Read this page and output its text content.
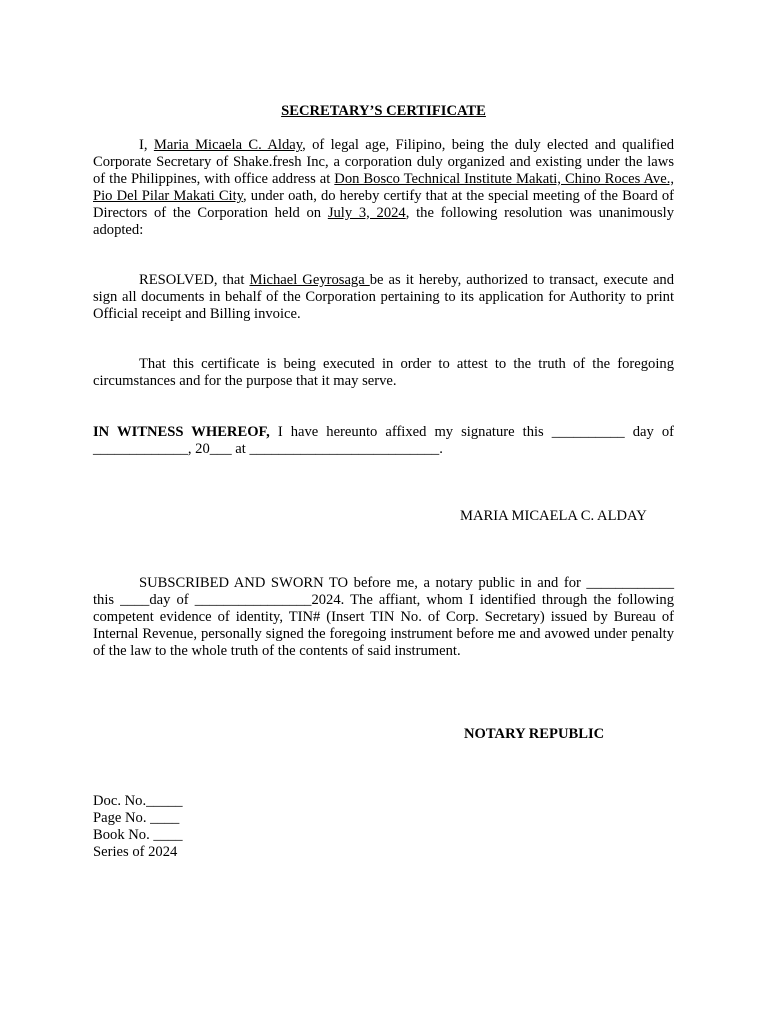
SECRETARY’S CERTIFICATE

I, Maria Micaela C. Alday, of legal age, Filipino, being the duly elected and qualified Corporate Secretary of Shake.fresh Inc, a corporation duly organized and existing under the laws of the Philippines, with office address at Don Bosco Technical Institute Makati, Chino Roces Ave., Pio Del Pilar Makati City, under oath, do hereby certify that at the special meeting of the Board of Directors of the Corporation held on July 3, 2024, the following resolution was unanimously adopted:

RESOLVED, that Michael Geyrosaga be as it hereby, authorized to transact, execute and sign all documents in behalf of the Corporation pertaining to its application for Authority to print Official receipt and Billing invoice.

That this certificate is being executed in order to attest to the truth of the foregoing circumstances and for the purpose that it may serve.

IN WITNESS WHEREOF, I have hereunto affixed my signature this __________ day of _____________, 20___ at __________________________.

MARIA MICAELA C. ALDAY

SUBSCRIBED AND SWORN TO before me, a notary public in and for ____________ this ____day of ________________2024. The affiant, whom I identified through the following competent evidence of identity, TIN# (Insert TIN No. of Corp. Secretary) issued by Bureau of Internal Revenue, personally signed the foregoing instrument before me and avowed under penalty of the law to the whole truth of the contents of said instrument.

NOTARY REPUBLIC
Doc. No._____
Page No. ____
Book No. ____
Series of 2024
